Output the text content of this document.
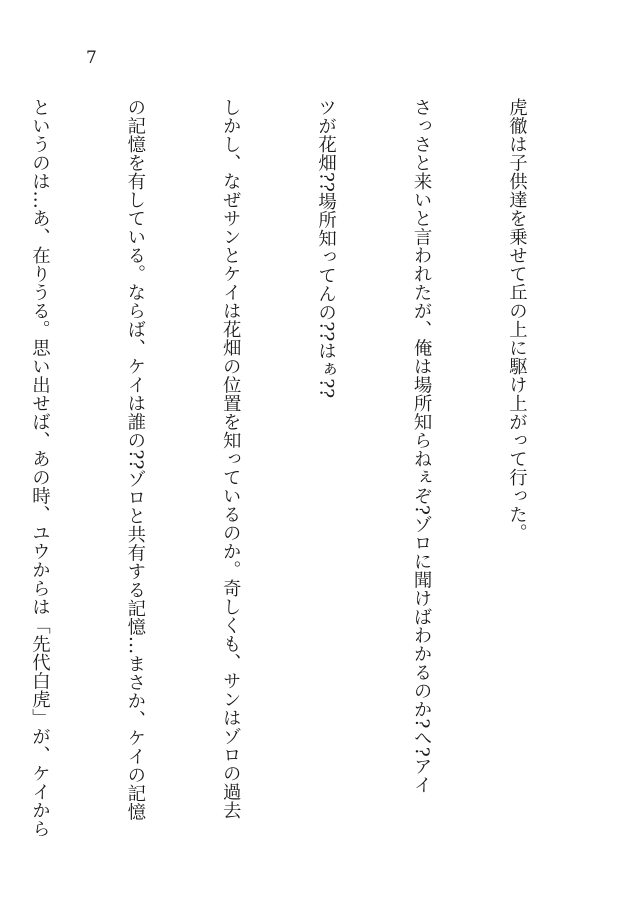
7

虎徹は子供達を乗せて丘の上に駆け上がって行った。

さっさと来いと言われたが、俺は場所知らねぇぞ?ゾロに聞けばわかるのか?へ?アイ

ツが花畑??場所知ってんの??はぁ??

しかし、なぜサンとケイは花畑の位置を知っているのか。奇しくも、サンはゾロの過去

の記憶を有している。ならば、ケイは誰の??ゾロと共有する記憶…まさか、ケイの記憶

というのは…あ、在りうる。思い出せば、あの時、ユウからは「先代白虎」が、ケイから
